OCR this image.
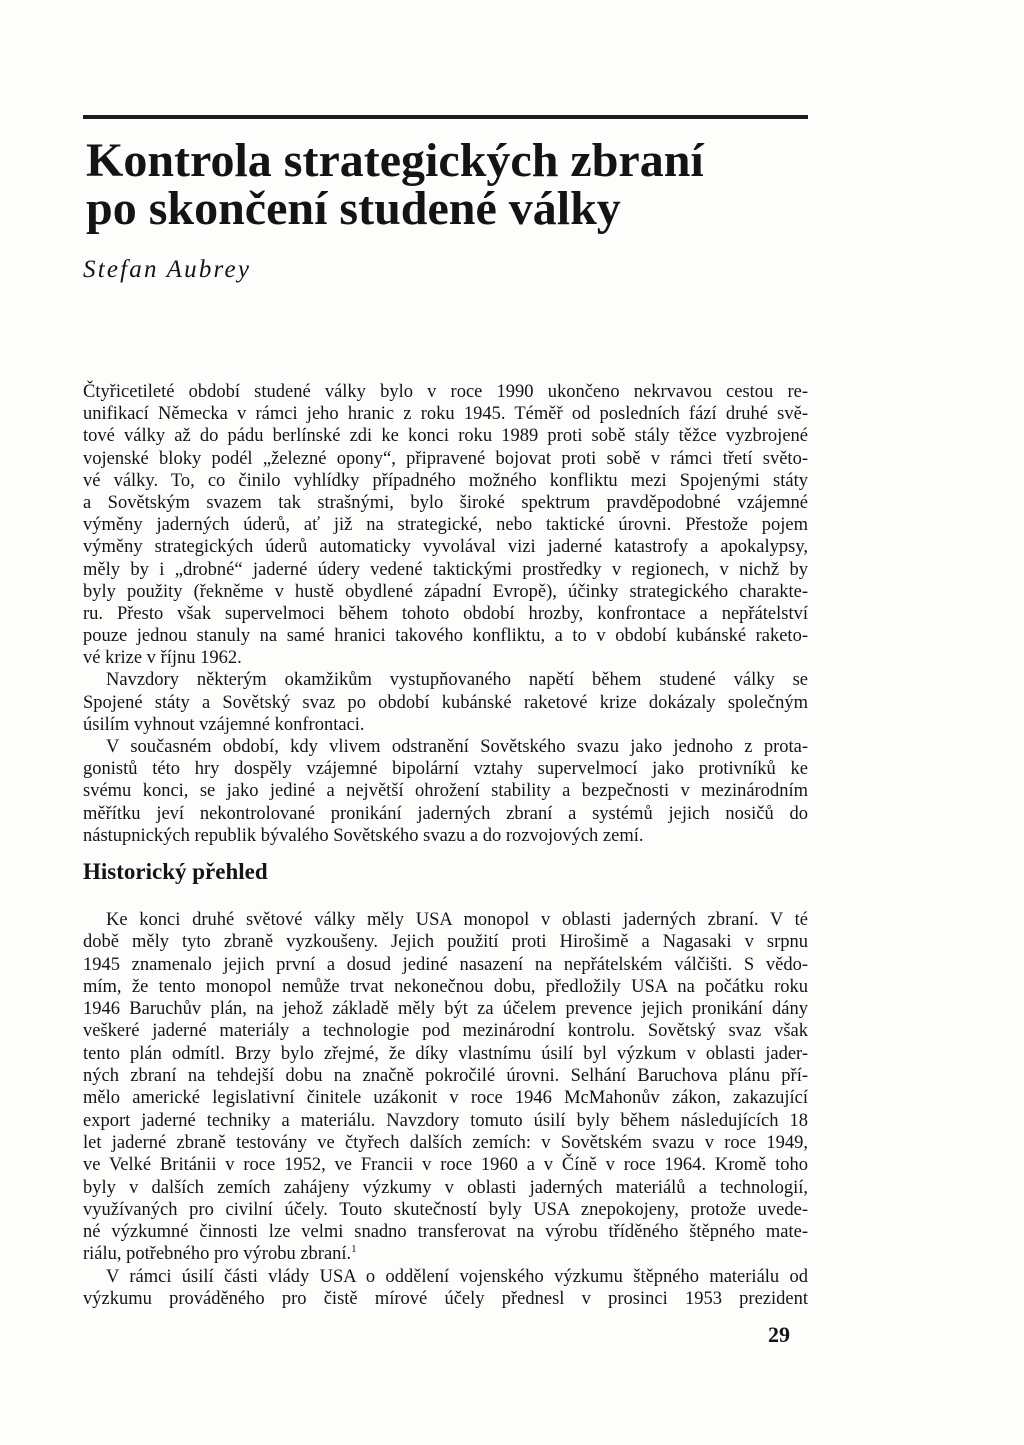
Kontrola strategických zbraní
po skončení studené války
Stefan Aubrey
Čtyřicetileté období studené války bylo v roce 1990 ukončeno nekrvavou cestou re-
unifikací Německa v rámci jeho hranic z roku 1945. Téměř od posledních fází druhé svě-
tové války až do pádu berlínské zdi ke konci roku 1989 proti sobě stály těžce vyzbrojené
vojenské bloky podél „železné opony“, připravené bojovat proti sobě v rámci třetí světo-
vé války. To, co činilo vyhlídky případného možného konfliktu mezi Spojenými státy
a Sovětským svazem tak strašnými, bylo široké spektrum pravděpodobné vzájemné
výměny jaderných úderů, ať již na strategické, nebo taktické úrovni. Přestože pojem
výměny strategických úderů automaticky vyvolával vizi jaderné katastrofy a apokalypsy,
měly by i „drobné“ jaderné údery vedené taktickými prostředky v regionech, v nichž by
byly použity (řekněme v hustě obydlené západní Evropě), účinky strategického charakte-
ru. Přesto však supervelmoci během tohoto období hrozby, konfrontace a nepřátelství
pouze jednou stanuly na samé hranici takového konfliktu, a to v období kubánské raketo-
vé krize v říjnu 1962.
Navzdory některým okamžikům vystupňovaného napětí během studené války se
Spojené státy a Sovětský svaz po období kubánské raketové krize dokázaly společným
úsilím vyhnout vzájemné konfrontaci.
V současném období, kdy vlivem odstranění Sovětského svazu jako jednoho z prota-
gonistů této hry dospěly vzájemné bipolární vztahy supervelmocí jako protivníků ke
svému konci, se jako jediné a největší ohrožení stability a bezpečnosti v mezinárodním
měřítku jeví nekontrolované pronikání jaderných zbraní a systémů jejich nosičů do
nástupnických republik bývalého Sovětského svazu a do rozvojových zemí.
Historický přehled
Ke konci druhé světové války měly USA monopol v oblasti jaderných zbraní. V té
době měly tyto zbraně vyzkoušeny. Jejich použití proti Hirošimě a Nagasaki v srpnu
1945 znamenalo jejich první a dosud jediné nasazení na nepřátelském válčišti. S vědo-
mím, že tento monopol nemůže trvat nekonečnou dobu, předložily USA na počátku roku
1946 Baruchův plán, na jehož základě měly být za účelem prevence jejich pronikání dány
veškeré jaderné materiály a technologie pod mezinárodní kontrolu. Sovětský svaz však
tento plán odmítl. Brzy bylo zřejmé, že díky vlastnímu úsilí byl výzkum v oblasti jader-
ných zbraní na tehdejší dobu na značně pokročilé úrovni. Selhání Baruchova plánu pří-
mělo americké legislativní činitele uzákonit v roce 1946 McMahonův zákon, zakazující
export jaderné techniky a materiálu. Navzdory tomuto úsilí byly během následujících 18
let jaderné zbraně testovány ve čtyřech dalších zemích: v Sovětském svazu v roce 1949,
ve Velké Británii v roce 1952, ve Francii v roce 1960 a v Číně v roce 1964. Kromě toho
byly v dalších zemích zahájeny výzkumy v oblasti jaderných materiálů a technologií,
využívaných pro civilní účely. Touto skutečností byly USA znepokojeny, protože uvede-
né výzkumné činnosti lze velmi snadno transferovat na výrobu tříděného štěpného mate-
riálu, potřebného pro výrobu zbraní.$^1$
V rámci úsilí části vlády USA o oddělení vojenského výzkumu štěpného materiálu od
výzkumu prováděného pro čistě mírové účely přednesl v prosinci 1953 prezident
29
